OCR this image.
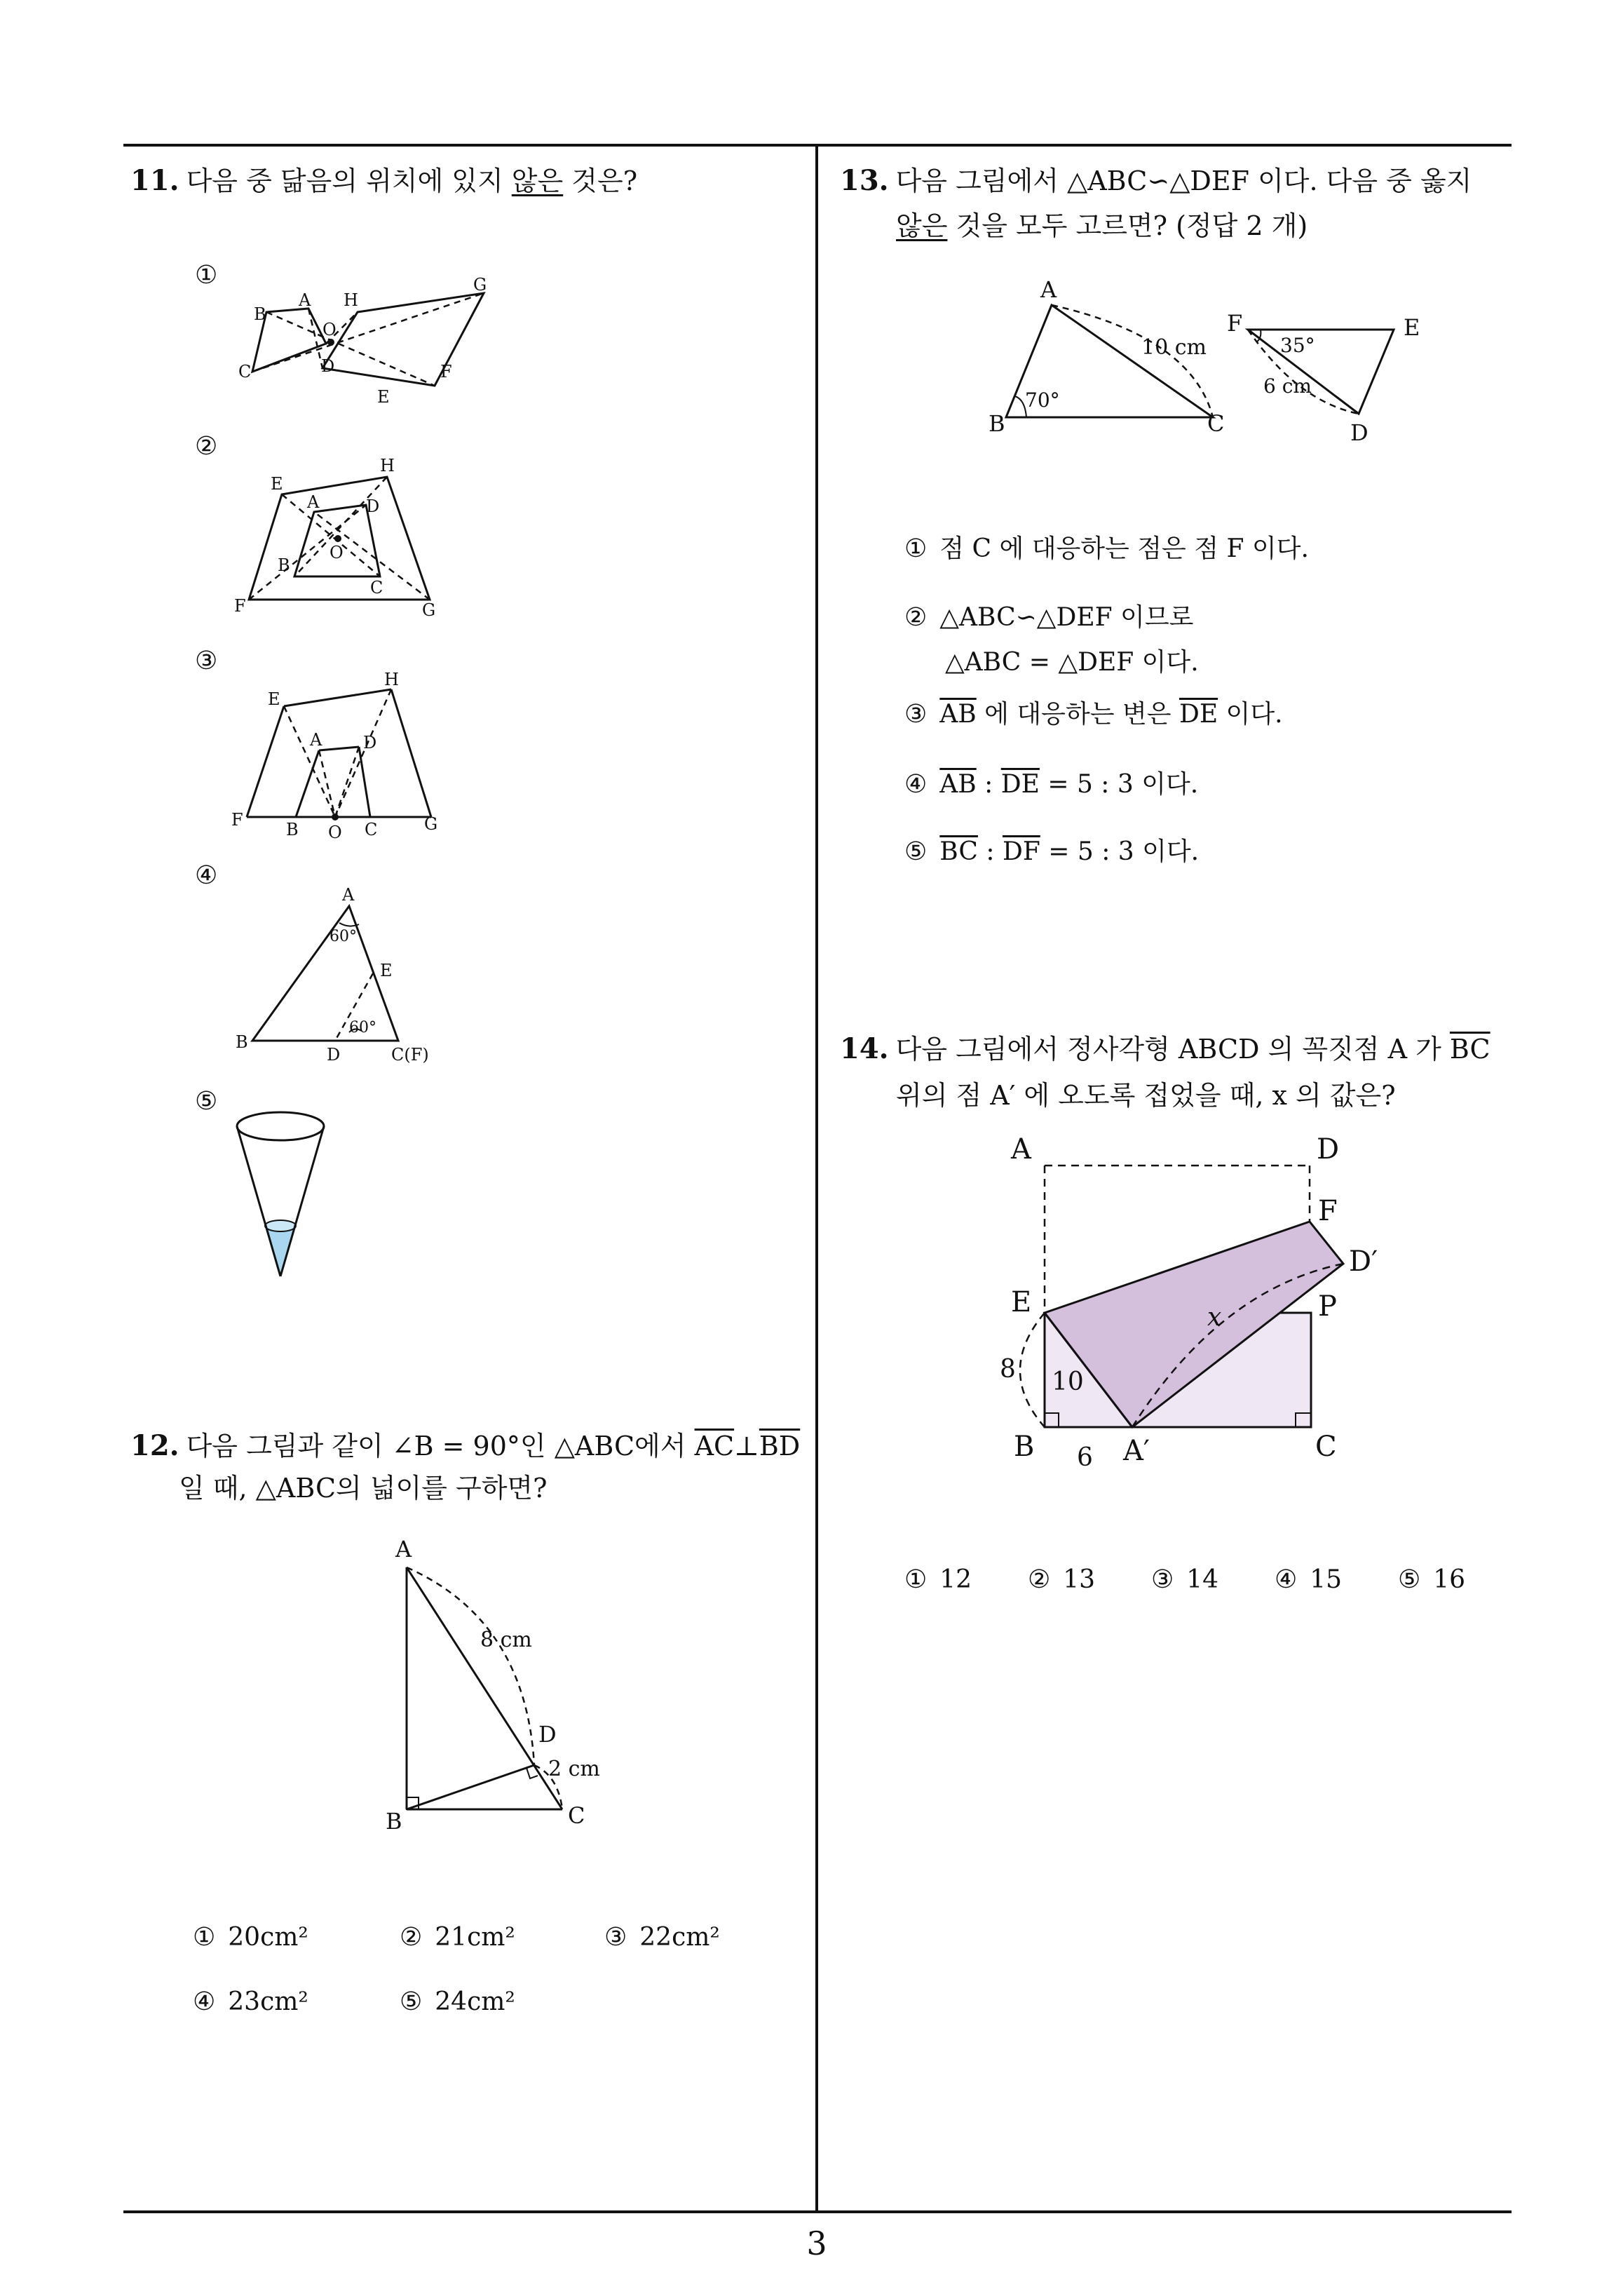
11. 다음 중 닮음의 위치에 있지 않은 것은?
①
②
③
④
⑤
B
A
C	D
O
H
G
E
F
E
H
A	D
O
B
C
F	G
E
H
A D
F	B O C	G
A
60°
E
60°
B
D	C(F)
12. 다음 그림과 같이 ∠B = 90°인 △ABC에서 $\overline{AC}\perp\overline{BD}$
일 때, △ABC의 넓이를 구하면?
A
B	C
D
8 cm
2 cm
① 20cm²	② 21cm²	③ 22cm²
④ 23cm²	⑤ 24cm²
13. 다음 그림에서 △ABC∽△DEF 이다. 다음 중 옳지
않은 것을 모두 고르면? (정답 2 개)
A
B	C
10 cm
70°
F	E
D
35°
6 cm
① 점 C 에 대응하는 점은 점 F 이다.
② △ABC∽△DEF 이므로
△ABC = △DEF 이다.
③ $\overline{AB}$ 에 대응하는 변은 $\overline{DE}$ 이다.
④ $\overline{AB}$ : $\overline{DE} = 5$ : 3 이다.
⑤ $\overline{BC}$ : $\overline{DF} = 5$ : 3 이다.
14. 다음 그림에서 정사각형 ABCD 의 꼭짓점 A 가 $\overline{BC}$
위의 점 A′ 에 오도록 접었을 때, x 의 값은?
A	D
F
D′
E	P
x
8 10
B 6 A′	C
① 12 ② 13 ③ 14 ④ 15 ⑤ 16
3
